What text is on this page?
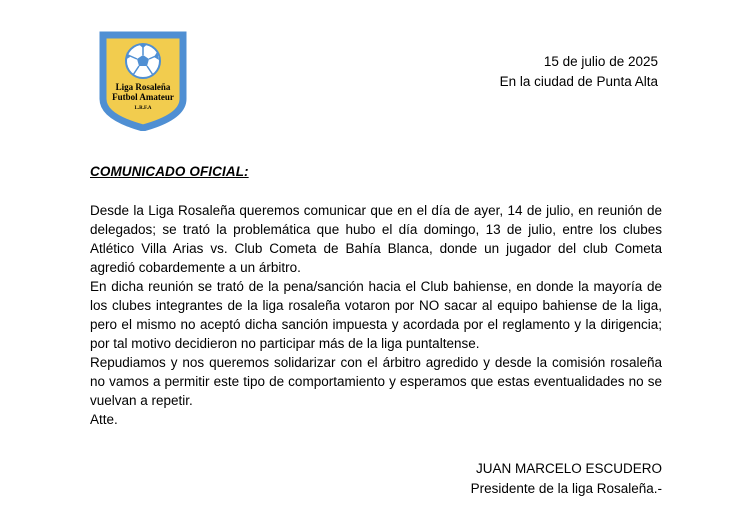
Liga Rosaleña
Futbol Amateur
L.R.F.A
15 de julio de 2025
En la ciudad de Punta Alta
COMUNICADO OFICIAL:

Desde la Liga Rosaleña queremos comunicar que en el día de ayer, 14 de julio, en reunión de delegados; se trató la problemática que hubo el día domingo, 13 de julio, entre los clubes Atlético Villa Arias vs. Club Cometa de Bahía Blanca, donde un jugador del club Cometa agredió cobardemente a un árbitro.

En dicha reunión se trató de la pena/sanción hacia el Club bahiense, en donde la mayoría de los clubes integrantes de la liga rosaleña votaron por NO sacar al equipo bahiense de la liga, pero el mismo no aceptó dicha sanción impuesta y acordada por el reglamento y la dirigencia; por tal motivo decidieron no participar más de la liga puntaltense.

Repudiamos y nos queremos solidarizar con el árbitro agredido y desde la comisión rosaleña no vamos a permitir este tipo de comportamiento y esperamos que estas eventualidades no se vuelvan a repetir.

Atte.

JUAN MARCELO ESCUDERO
Presidente de la liga Rosaleña.-
